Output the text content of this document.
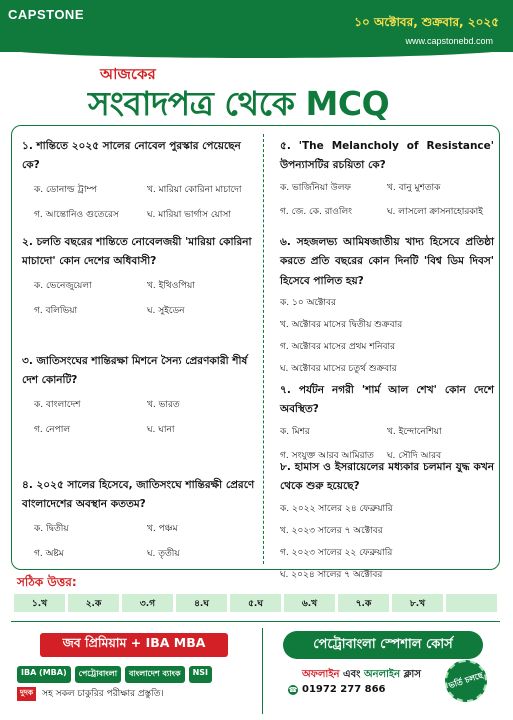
CAPSTONE	১০ অক্টোবর, শুক্রবার, ২০২৫
www.capstonebd.com
আজকের
সংবাদপত্র থেকে MCQ
১. শান্তিতে ২০২৫ সালের নোবেল পুরস্কার পেয়েছেন কে?
ক. ডোনাল্ড ট্রাম্প	খ. মারিয়া কোরিনা মাচাদো
গ. আন্তোনিও গুতেরেস	ঘ. মারিয়া ভার্গাস য়োসা
২. চলতি বছরের শান্তিতে নোবেলজয়ী 'মারিয়া কোরিনা মাচাদো' কোন দেশের অধিবাসী?
ক. ভেনেজুয়েলা	খ. ইথিওপিয়া
গ. বলিভিয়া	ঘ. সুইডেন
৩. জাতিসংঘের শান্তিরক্ষা মিশনে সৈন্য প্রেরণকারী শীর্ষ দেশ কোনটি?
ক. বাংলাদেশ	খ. ভারত
গ. নেপাল	ঘ. ঘানা
৪. ২০২৫ সালের হিসেবে, জাতিসংঘে শান্তিরক্ষী প্রেরণে বাংলাদেশের অবস্থান কততম?
ক. দ্বিতীয়	খ. পঞ্চম
গ. অষ্টম	ঘ. তৃতীয়
৫. 'The Melancholy of Resistance' উপন্যাসটির রচয়িতা কে?
ক. ভার্জিনিয়া উলফ	খ. বানু মুশতাক
গ. জে. কে. রাওলিং	ঘ. লাসলো ক্রাসনাহোরকাই
৬. সহজলভ্য আমিষজাতীয় খাদ্য হিসেবে প্রতিষ্ঠা করতে প্রতি বছরের কোন দিনটি 'বিশ্ব ডিম দিবস' হিসেবে পালিত হয়?
ক. ১০ অক্টোবর
খ. অক্টোবর মাসের দ্বিতীয় শুক্রবার
গ. অক্টোবর মাসের প্রথম শনিবার
ঘ. অক্টোবর মাসের চতুর্থ শুক্রবার
৭. পর্যটন নগরী 'শার্ম আল শেখ' কোন দেশে অবস্থিত?
ক. মিশর	খ. ইন্দোনেশিয়া
গ. সংযুক্ত আরব আমিরাত	ঘ. সৌদি আরব
৮. হামাস ও ইসরায়েলের মধ্যকার চলমান যুদ্ধ কখন থেকে শুরু হয়েছে?
ক. ২০২২ সালের ২৪ ফেব্রুয়ারি
খ. ২০২৩ সালের ৭ অক্টোবর
গ. ২০২৩ সালের ২২ ফেব্রুয়ারি
ঘ. ২০২৪ সালের ৭ অক্টোবর
সঠিক উত্তর:
১.খ	২.ক	৩.গ	৪.ঘ	৫.ঘ	৬.খ	৭.ক	৮.খ
জব প্রিমিয়াম + IBA MBA
IBA (MBA)	পেট্রোবাংলা	বাংলাদেশ ব্যাংক	NSI
দুদক	সহ সকল চাকুরির পরীক্ষার প্রস্তুতি।
পেট্রোবাংলা স্পেশাল কোর্স
অফলাইন এবং অনলাইন ক্লাস
☎ 01972 277 866	ভর্তি চলছে
